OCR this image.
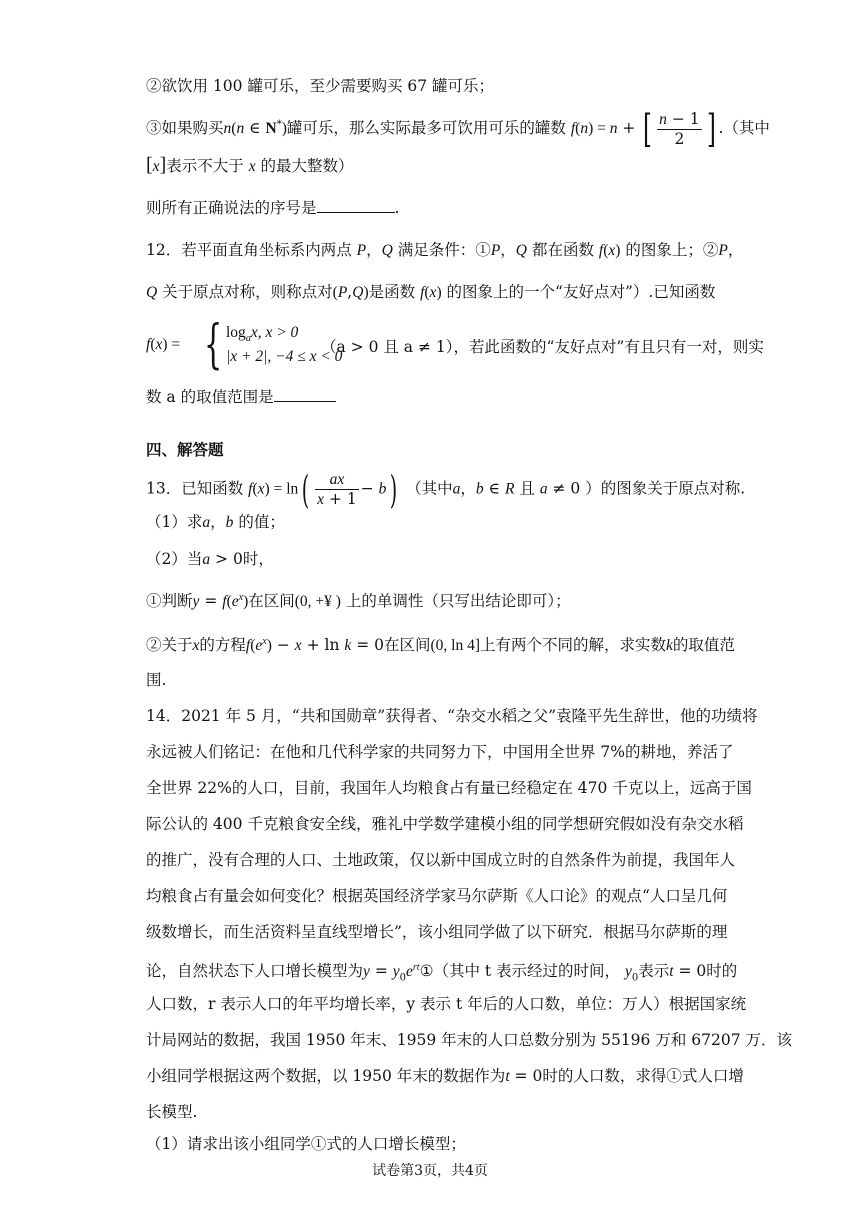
②欲饮用 100 罐可乐，至少需要购买 67 罐可乐；
③如果购买n(n ∈ N*)罐可乐，那么实际最多可饮用可乐的罐数 f(n) = n + [ $\frac{n - 1}{2}$ ] .（其中
[x]表示不大于 x 的最大整数）
则所有正确说法的序号是	.
12．若平面直角坐标系内两点 P，Q 满足条件：①P，Q 都在函数 f(x) 的图象上；②P，
Q 关于原点对称，则称点对(P,Q)是函数 f(x) 的图象上的一个“友好点对”）.已知函数
f(x) = { $\log_ax$, x > 0
|x + 2|, −4 ≤ x < 0
（a > 0 且 a ≠ 1），若此函数的“友好点对”有且只有一对，则实
数 a 的取值范围是
四、解答题
13．已知函数 $f(x) = \ln( \frac{ax}{x + 1} - b)$ （其中a，b ∈ R 且 a ≠ 0 ）的图象关于原点对称.
（1）求a，b 的值；
（2）当a > 0时，
①判断$y = f(e^x)$在区间(0, +¥ ) 上的单调性（只写出结论即可）；
②关于x的方程$f(e^x) - x + \ln k = 0$在区间(0, ln 4]上有两个不同的解，求实数k的取值范
围.
14．2021 年 5 月，“共和国勋章”获得者、“杂交水稻之父”袁隆平先生辞世，他的功绩将
永远被人们铭记：在他和几代科学家的共同努力下，中国用全世界 7%的耕地，养活了
全世界 22%的人口，目前，我国年人均粮食占有量已经稳定在 470 千克以上，远高于国
际公认的 400 千克粮食安全线，雅礼中学数学建模小组的同学想研究假如没有杂交水稻
的推广，没有合理的人口、土地政策，仅以新中国成立时的自然条件为前提，我国年人
均粮食占有量会如何变化？根据英国经济学家马尔萨斯《人口论》的观点“人口呈几何
级数增长，而生活资料呈直线型增长”，该小组同学做了以下研究．根据马尔萨斯的理
论，自然状态下人口增长模型为$y = y_0e^{rt}①$（其中 t 表示经过的时间， $y_0$表示t = 0时的
人口数，r 表示人口的年平均增长率，y 表示 t 年后的人口数，单位：万人）根据国家统
计局网站的数据，我国 1950 年末、1959 年末的人口总数分别为 55196 万和 67207 万．该
小组同学根据这两个数据，以 1950 年末的数据作为t = 0时的人口数，求得①式人口增
长模型.
（1）请求出该小组同学①式的人口增长模型；
试卷第3页，共4页
